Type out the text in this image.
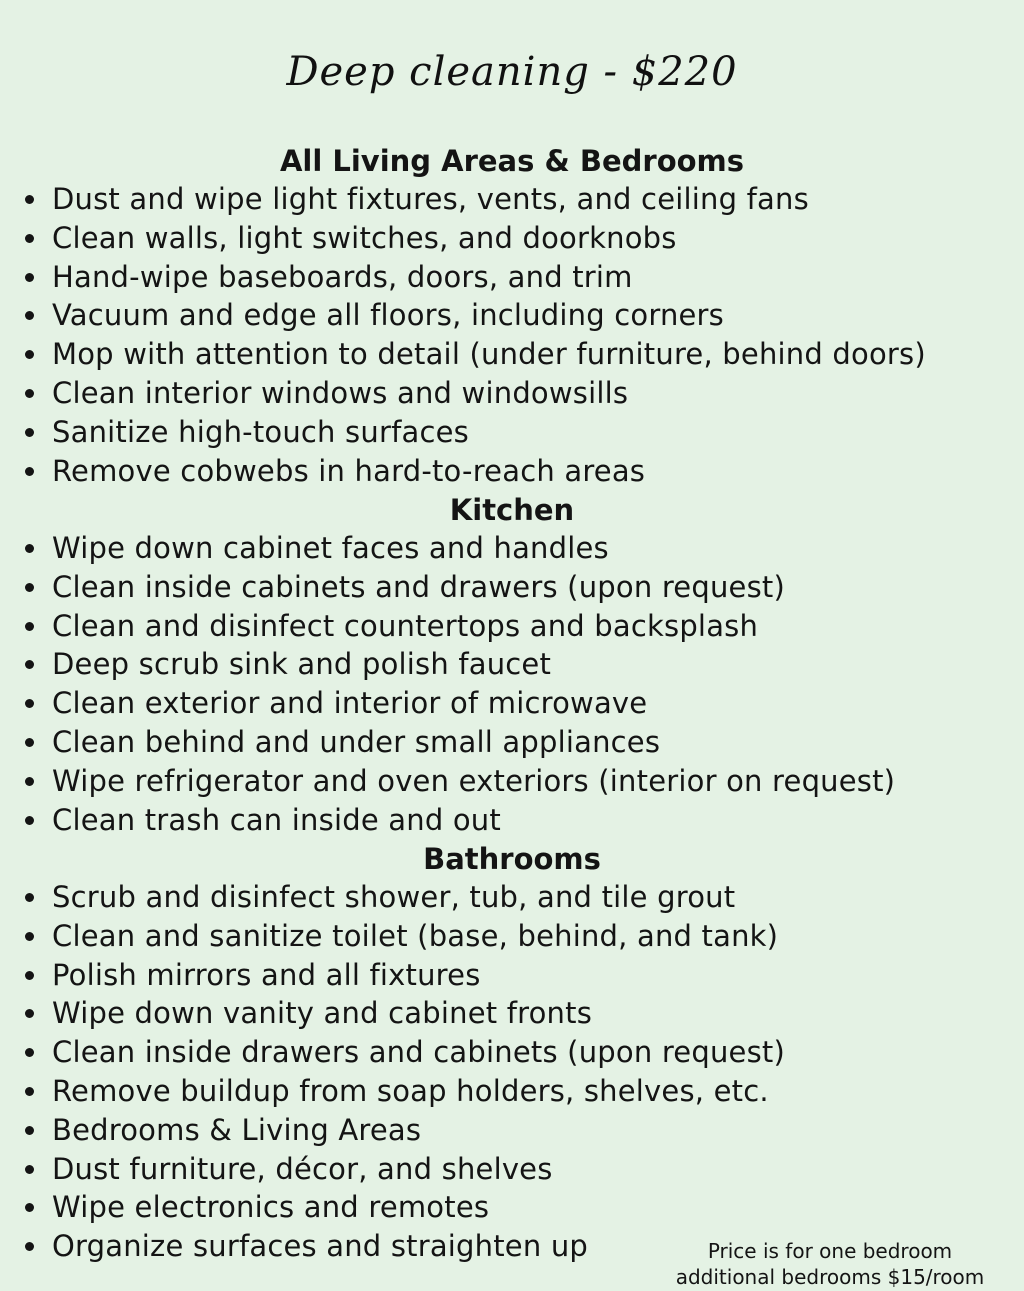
Deep cleaning - $220
All Living Areas & Bedrooms
Dust and wipe light fixtures, vents, and ceiling fans
Clean walls, light switches, and doorknobs
Hand-wipe baseboards, doors, and trim
Vacuum and edge all floors, including corners
Mop with attention to detail (under furniture, behind doors)
Clean interior windows and windowsills
Sanitize high-touch surfaces
Remove cobwebs in hard-to-reach areas
Kitchen
Wipe down cabinet faces and handles
Clean inside cabinets and drawers (upon request)
Clean and disinfect countertops and backsplash
Deep scrub sink and polish faucet
Clean exterior and interior of microwave
Clean behind and under small appliances
Wipe refrigerator and oven exteriors (interior on request)
Clean trash can inside and out
Bathrooms
Scrub and disinfect shower, tub, and tile grout
Clean and sanitize toilet (base, behind, and tank)
Polish mirrors and all fixtures
Wipe down vanity and cabinet fronts
Clean inside drawers and cabinets (upon request)
Remove buildup from soap holders, shelves, etc.
Bedrooms & Living Areas
Dust furniture, décor, and shelves
Wipe electronics and remotes
Organize surfaces and straighten up	Price is for one bedroom
additional bedrooms $15/room
